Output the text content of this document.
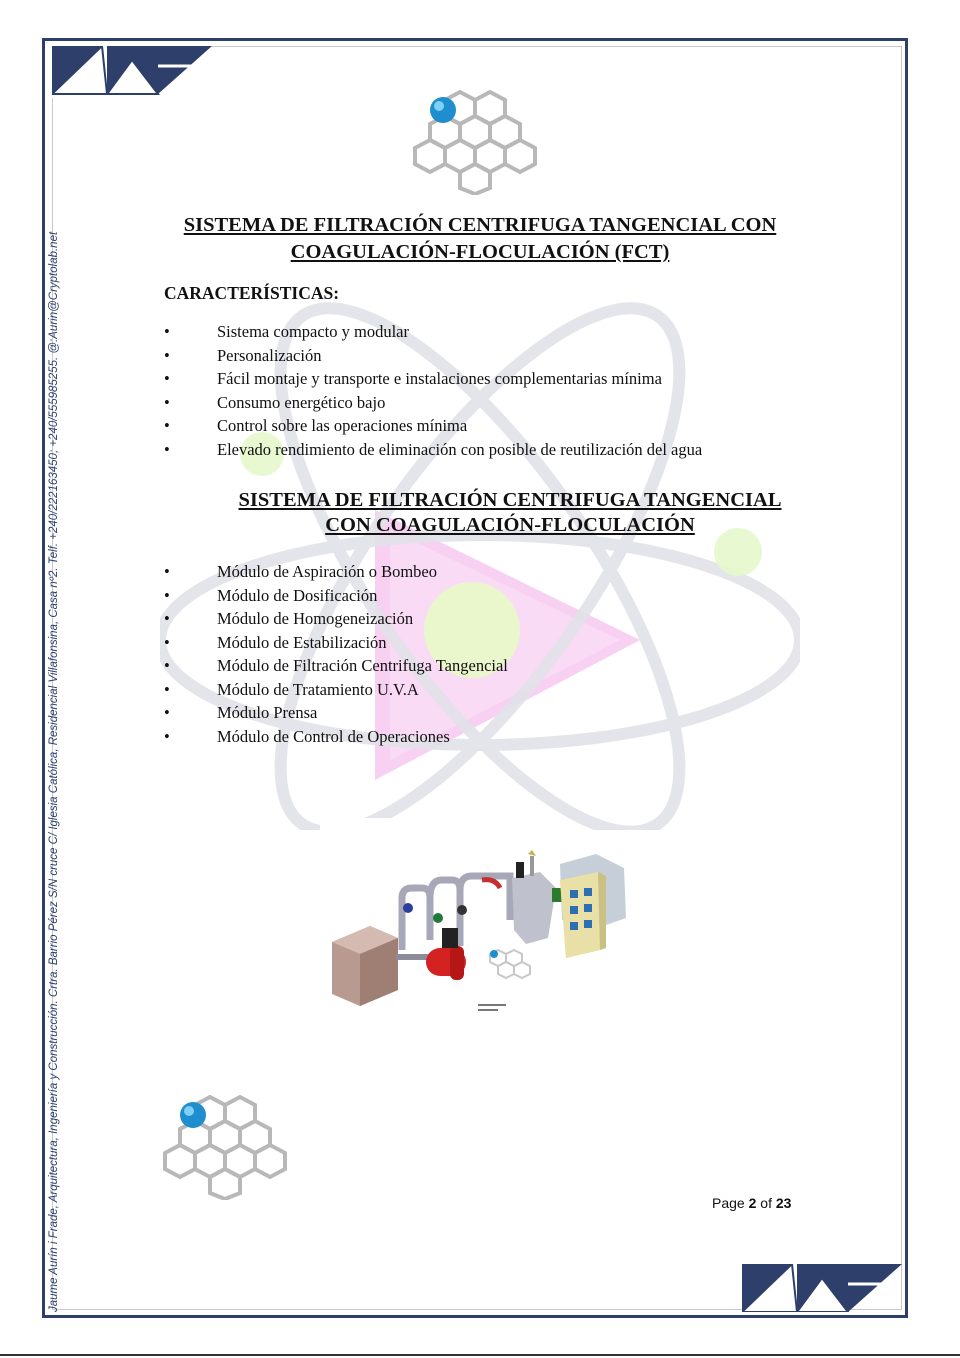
Jaume Aurín i Frade, Arquitectura, Ingeniería y Construcción. Crtra. Barrio Pérez S/N cruce C/ Iglesia Católica, Residencial Villafonsina, Casa nº2. Telf. +240/222163450; +240/555985255. @:Aurin@Cryptolab.net
SISTEMA DE FILTRACIÓN CENTRIFUGA TANGENCIAL CON COAGULACIÓN-FLOCULACIÓN (FCT)

CARACTERÍSTICAS:

•	Sistema compacto y modular
•	Personalización
•	Fácil montaje y transporte e instalaciones complementarias mínima
•	Consumo energético bajo
•	Control sobre las operaciones mínima
•	Elevado rendimiento de eliminación con posible de reutilización del agua
SISTEMA DE FILTRACIÓN CENTRIFUGA TANGENCIAL
CON COAGULACIÓN-FLOCULACIÓN
•	Módulo de Aspiración o Bombeo
•	Módulo de Dosificación
•	Módulo de Homogeneización
•	Módulo de Estabilización
•	Módulo de Filtración Centrifuga Tangencial
•	Módulo de Tratamiento U.V.A
•	Módulo Prensa
•	Módulo de Control de Operaciones
Page 2 of 23
